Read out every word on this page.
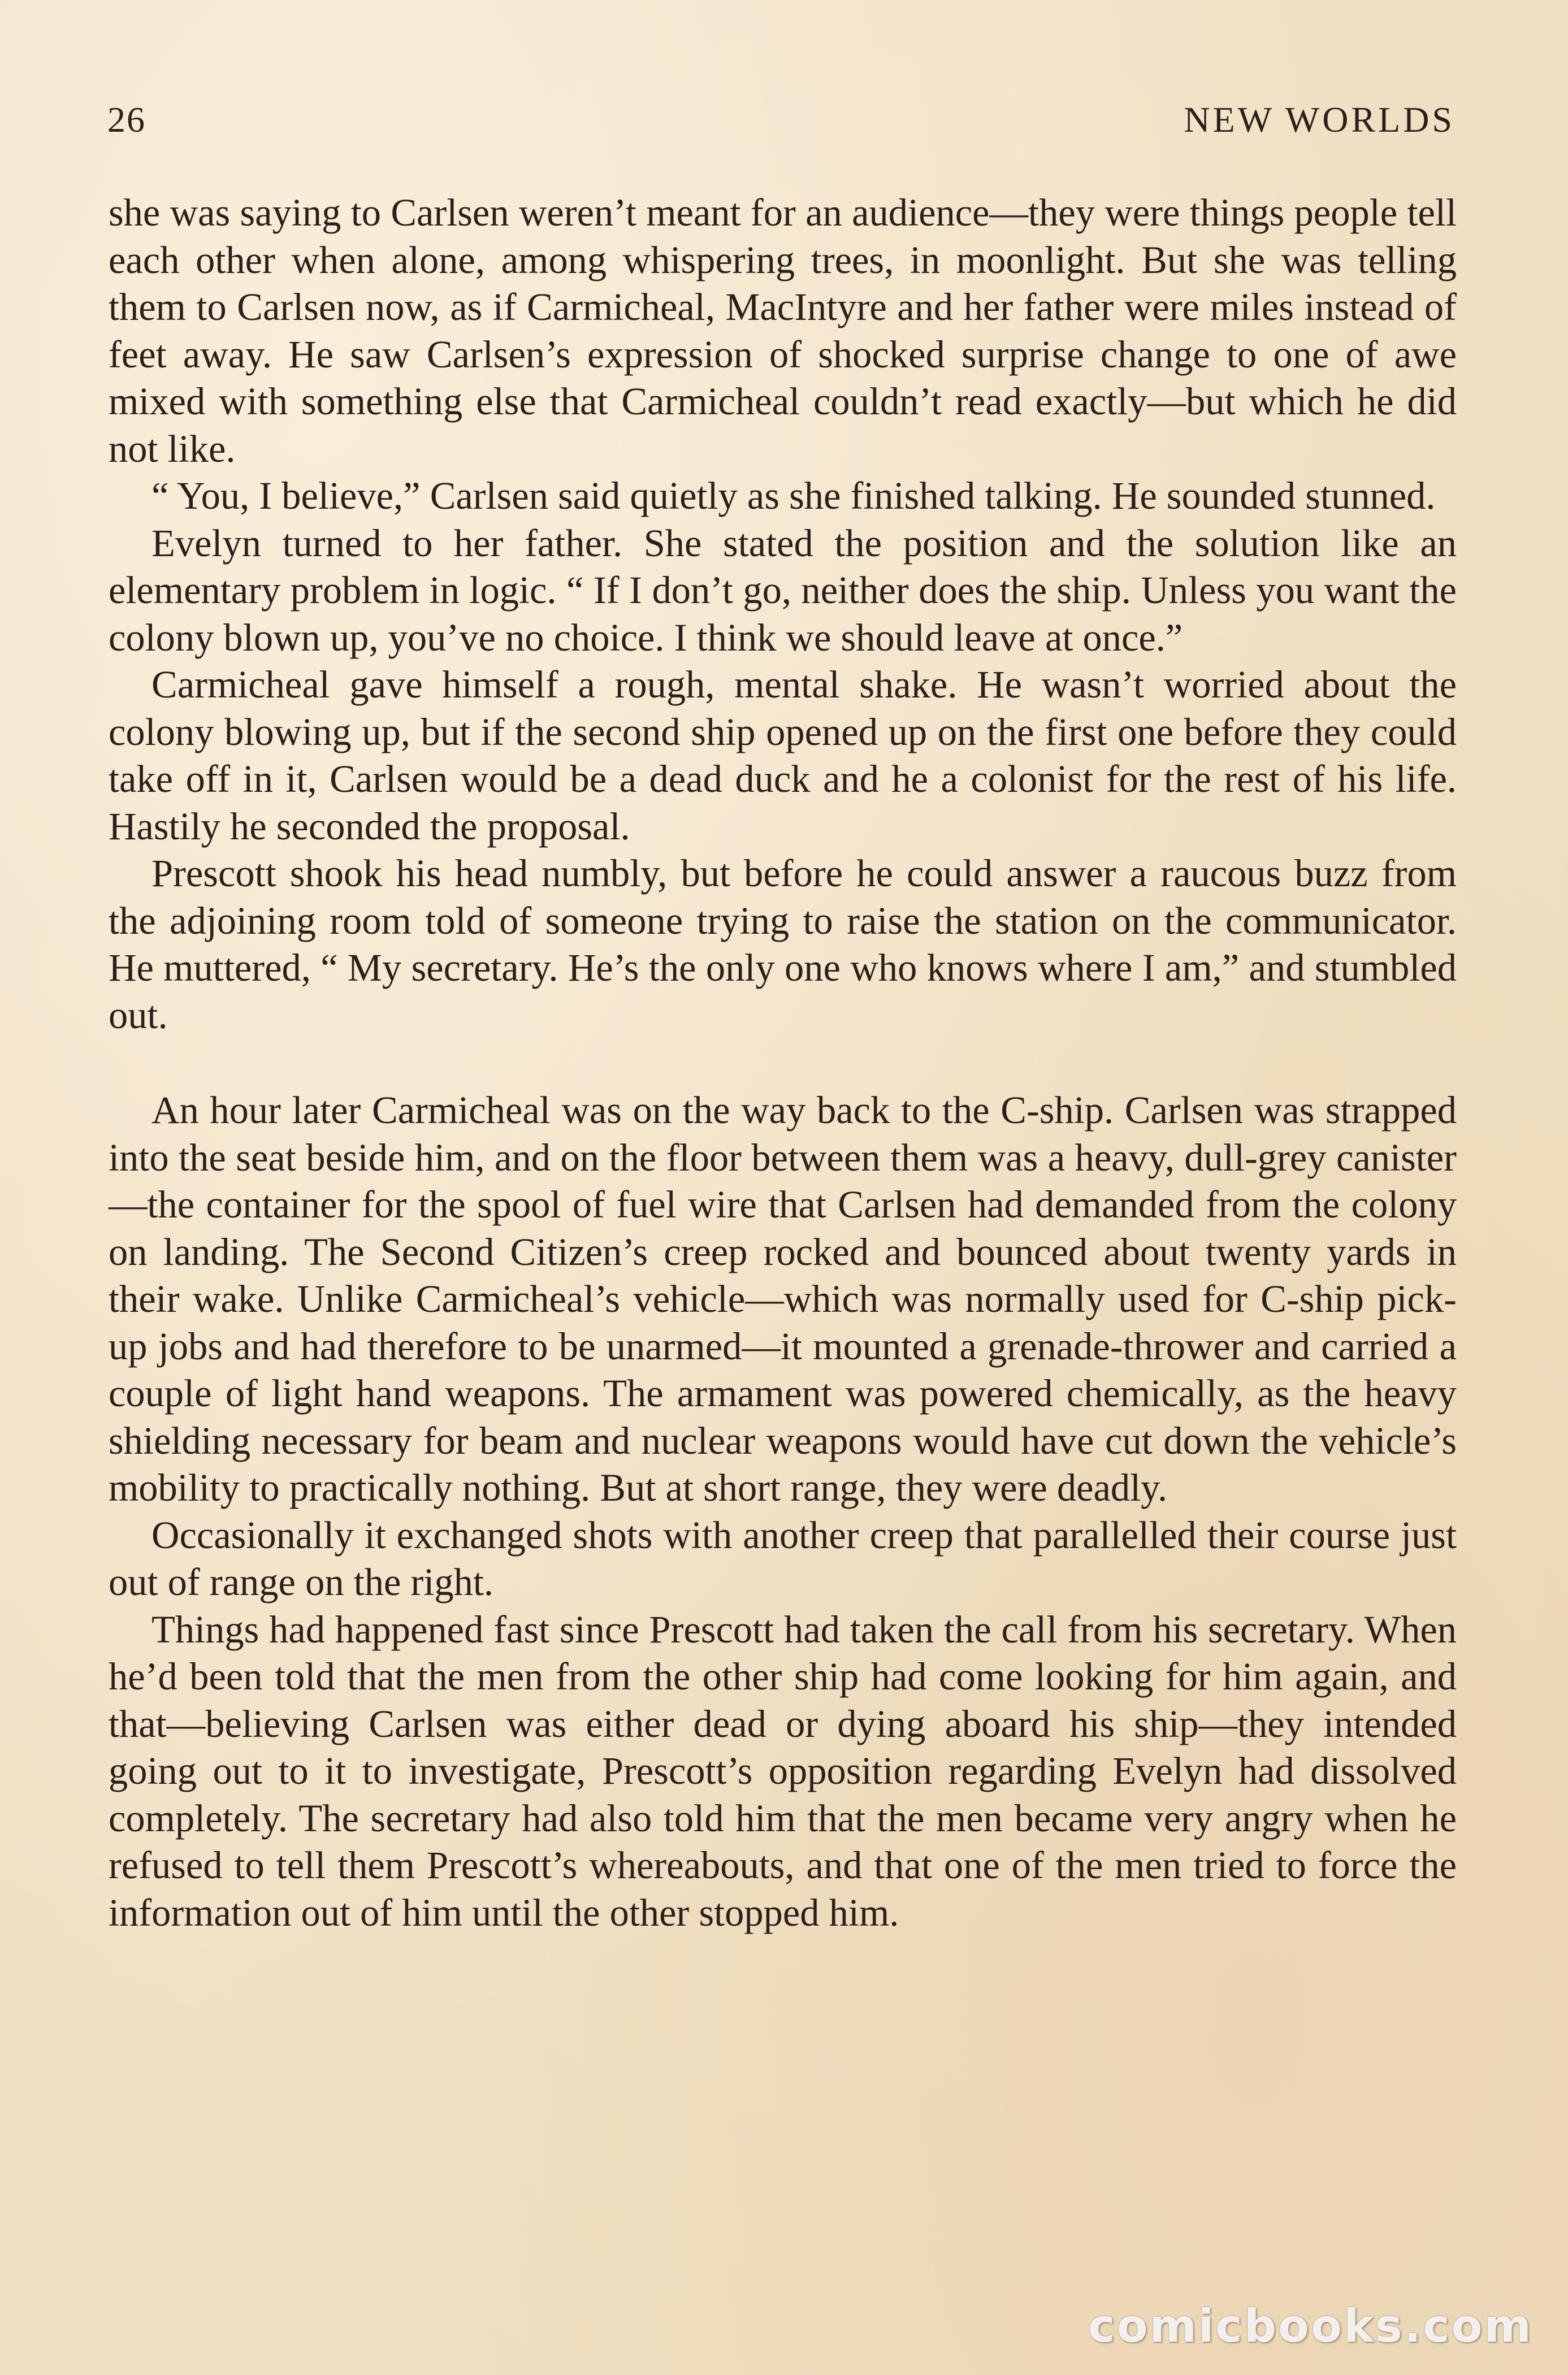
26	NEW WORLDS

she was saying to Carlsen weren’t meant for an audience—they were things people tell each other when alone, among whispering trees, in moonlight. But she was telling them to Carlsen now, as if Carmicheal, MacIntyre and her father were miles instead of feet away. He saw Carlsen’s expression of shocked surprise change to one of awe mixed with something else that Carmicheal couldn’t read exactly—but which he did not like.

“ You, I believe,” Carlsen said quietly as she finished talking. He sounded stunned.

Evelyn turned to her father. She stated the position and the solution like an elementary problem in logic. “ If I don’t go, neither does the ship. Unless you want the colony blown up, you’ve no choice. I think we should leave at once.”

Carmicheal gave himself a rough, mental shake. He wasn’t worried about the colony blowing up, but if the second ship opened up on the first one before they could take off in it, Carlsen would be a dead duck and he a colonist for the rest of his life. Hastily he seconded the proposal.

Prescott shook his head numbly, but before he could answer a raucous buzz from the adjoining room told of someone trying to raise the station on the communicator. He muttered, “ My secretary. He’s the only one who knows where I am,” and stumbled out.

An hour later Carmicheal was on the way back to the C-ship. Carlsen was strapped into the seat beside him, and on the floor between them was a heavy, dull-grey canister—the container for the spool of fuel wire that Carlsen had demanded from the colony on landing. The Second Citizen’s creep rocked and bounced about twenty yards in their wake. Unlike Carmicheal’s vehicle—which was normally used for C-ship pick-up jobs and had therefore to be unarmed—it mounted a grenade-thrower and carried a couple of light hand weapons. The armament was powered chemically, as the heavy shielding necessary for beam and nuclear weapons would have cut down the vehicle’s mobility to practically nothing. But at short range, they were deadly.

Occasionally it exchanged shots with another creep that parallelled their course just out of range on the right.

Things had happened fast since Prescott had taken the call from his secretary. When he’d been told that the men from the other ship had come looking for him again, and that—believing Carlsen was either dead or dying aboard his ship—they intended going out to it to investigate, Prescott’s opposition regarding Evelyn had dissolved completely. The secretary had also told him that the men became very angry when he refused to tell them Prescott’s whereabouts, and that one of the men tried to force the information out of him until the other stopped him.

comicbooks.com
